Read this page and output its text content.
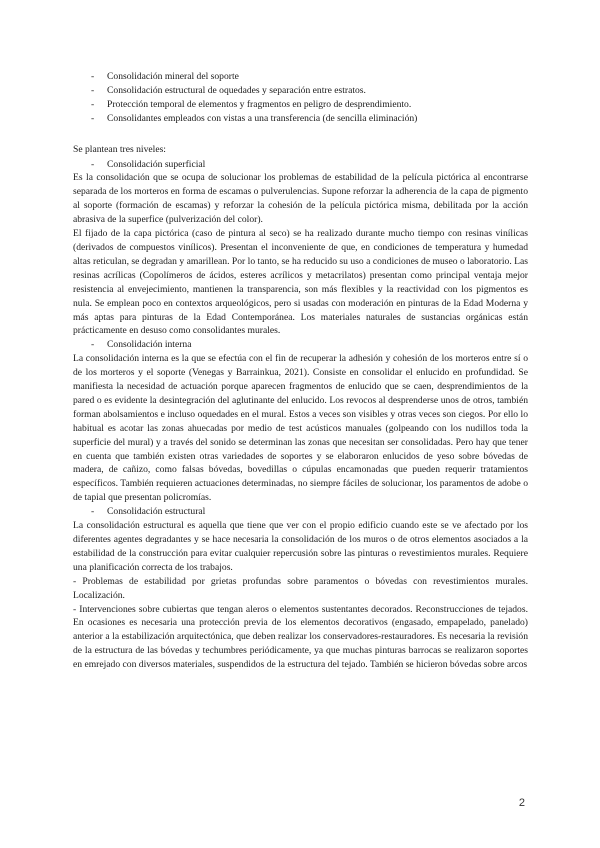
-	Consolidación mineral del soporte
-	Consolidación estructural de oquedades y separación entre estratos.
-	Protección temporal de elementos y fragmentos en peligro de desprendimiento.
-	Consolidantes empleados con vistas a una transferencia (de sencilla eliminación)

Se plantean tres niveles:

-	Consolidación superficial

Es la consolidación que se ocupa de solucionar los problemas de estabilidad de la película pictórica al encontrarse separada de los morteros en forma de escamas o pulverulencias. Supone reforzar la adherencia de la capa de pigmento al soporte (formación de escamas) y reforzar la cohesión de la película pictórica misma, debilitada por la acción abrasiva de la superfice (pulverización del color).

El fijado de la capa pictórica (caso de pintura al seco) se ha realizado durante mucho tiempo con resinas vinílicas (derivados de compuestos vinílicos). Presentan el inconveniente de que, en condiciones de temperatura y humedad altas reticulan, se degradan y amarillean. Por lo tanto, se ha reducido su uso a condiciones de museo o laboratorio. Las resinas acrílicas (Copolímeros de ácidos, esteres acrílicos y metacrilatos) presentan como principal ventaja mejor resistencia al envejecimiento, mantienen la transparencia, son más flexibles y la reactividad con los pigmentos es nula. Se emplean poco en contextos arqueológicos, pero si usadas con moderación en pinturas de la Edad Moderna y más aptas para pinturas de la Edad Contemporánea. Los materiales naturales de sustancias orgánicas están prácticamente en desuso como consolidantes murales.

-	Consolidación interna

La consolidación interna es la que se efectúa con el fin de recuperar la adhesión y cohesión de los morteros entre sí o de los morteros y el soporte (Venegas y Barrainkua, 2021). Consiste en consolidar el enlucido en profundidad. Se manifiesta la necesidad de actuación porque aparecen fragmentos de enlucido que se caen, desprendimientos de la pared o es evidente la desintegración del aglutinante del enlucido. Los revocos al desprenderse unos de otros, también forman abolsamientos e incluso oquedades en el mural. Estos a veces son visibles y otras veces son ciegos. Por ello lo habitual es acotar las zonas ahuecadas por medio de test acústicos manuales (golpeando con los nudillos toda la superficie del mural) y a través del sonido se determinan las zonas que necesitan ser consolidadas. Pero hay que tener en cuenta que también existen otras variedades de soportes y se elaboraron enlucidos de yeso sobre bóvedas de madera, de cañizo, como falsas bóvedas, bovedillas o cúpulas encamonadas que pueden requerir tratamientos específicos. También requieren actuaciones determinadas, no siempre fáciles de solucionar, los paramentos de adobe o de tapial que presentan policromías.

-	Consolidación estructural

La consolidación estructural es aquella que tiene que ver con el propio edificio cuando este se ve afectado por los diferentes agentes degradantes y se hace necesaria la consolidación de los muros o de otros elementos asociados a la estabilidad de la construcción para evitar cualquier repercusión sobre las pinturas o revestimientos murales. Requiere una planificación correcta de los trabajos.

- Problemas de estabilidad por grietas profundas sobre paramentos o bóvedas con revestimientos murales. Localización.

- Intervenciones sobre cubiertas que tengan aleros o elementos sustentantes decorados. Reconstrucciones de tejados. En ocasiones es necesaria una protección previa de los elementos decorativos (engasado, empapelado, panelado) anterior a la estabilización arquitectónica, que deben realizar los conservadores-restauradores. Es necesaria la revisión de la estructura de las bóvedas y techumbres periódicamente, ya que muchas pinturas barrocas se realizaron soportes en emrejado con diversos materiales, suspendidos de la estructura del tejado. También se hicieron bóvedas sobre arcos

2
